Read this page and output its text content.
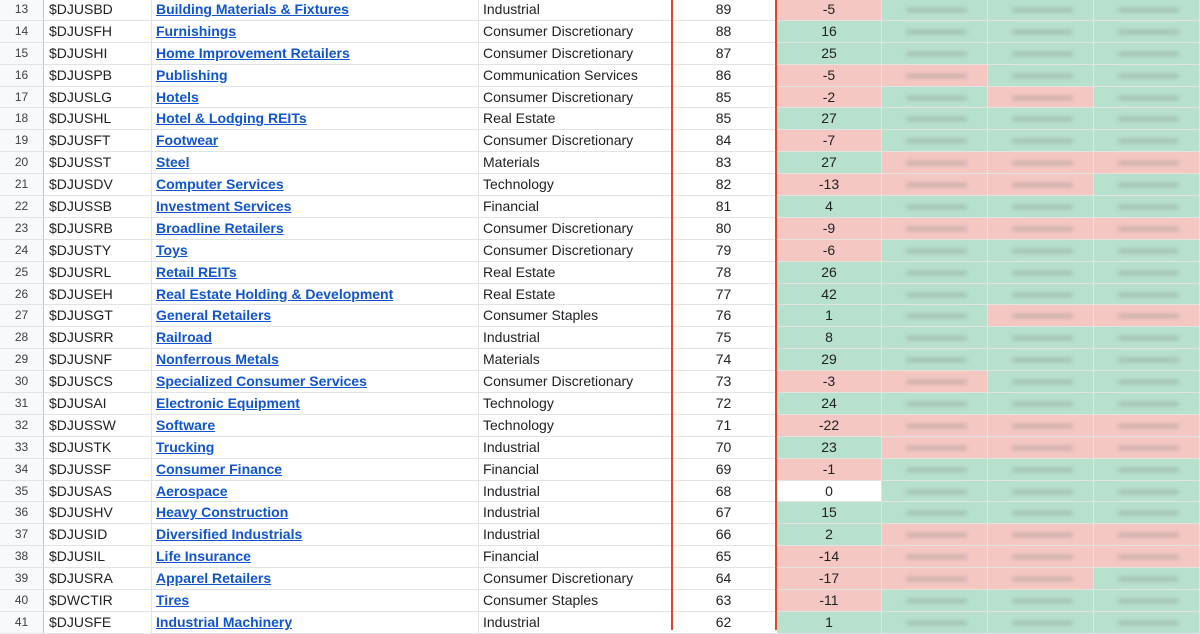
13	$DJUSBD	Building Materials & Fixtures	Industrial	89	-5
14	$DJUSFH	Furnishings	Consumer Discretionary	88	16
15	$DJUSHI	Home Improvement Retailers	Consumer Discretionary	87	25
16	$DJUSPB	Publishing	Communication Services	86	-5
17	$DJUSLG	Hotels	Consumer Discretionary	85	-2
18	$DJUSHL	Hotel & Lodging REITs	Real Estate	85	27
19	$DJUSFT	Footwear	Consumer Discretionary	84	-7
20	$DJUSST	Steel	Materials	83	27
21	$DJUSDV	Computer Services	Technology	82	-13
22	$DJUSSB	Investment Services	Financial	81	4
23	$DJUSRB	Broadline Retailers	Consumer Discretionary	80	-9
24	$DJUSTY	Toys	Consumer Discretionary	79	-6
25	$DJUSRL	Retail REITs	Real Estate	78	26
26	$DJUSEH	Real Estate Holding & Development	Real Estate	77	42
27	$DJUSGT	General Retailers	Consumer Staples	76	1
28	$DJUSRR	Railroad	Industrial	75	8
29	$DJUSNF	Nonferrous Metals	Materials	74	29
30	$DJUSCS	Specialized Consumer Services	Consumer Discretionary	73	-3
31	$DJUSAI	Electronic Equipment	Technology	72	24
32	$DJUSSW	Software	Technology	71	-22
33	$DJUSTK	Trucking	Industrial	70	23
34	$DJUSSF	Consumer Finance	Financial	69	-1
35	$DJUSAS	Aerospace	Industrial	68	0
36	$DJUSHV	Heavy Construction	Industrial	67	15
37	$DJUSID	Diversified Industrials	Industrial	66	2
38	$DJUSIL	Life Insurance	Financial	65	-14
39	$DJUSRA	Apparel Retailers	Consumer Discretionary	64	-17
40	$DWCTIR	Tires	Consumer Staples	63	-11
41	$DJUSFE	Industrial Machinery	Industrial	62	1
